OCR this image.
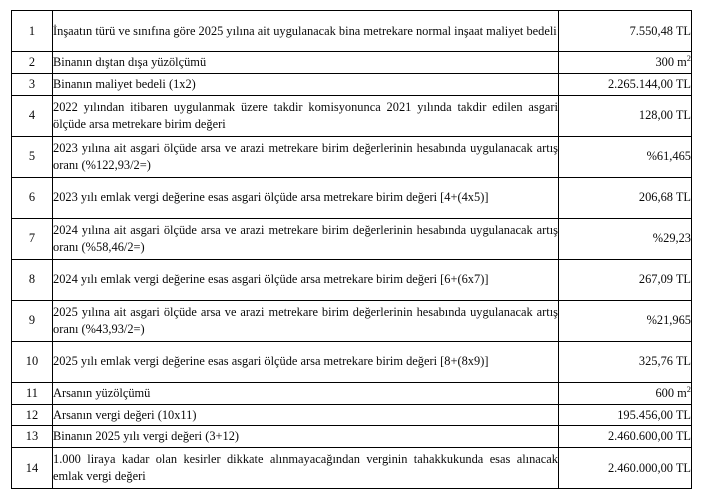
1	İnşaatın türü ve sınıfına göre 2025 yılına ait uygulanacak bina metrekare normal inşaat maliyet bedeli	7.550,48 TL
2	Binanın dıştan dışa yüzölçümü	300 $m^2$
3	Binanın maliyet bedeli (1x2)	2.265.144,00 TL
4	2022 yılından itibaren uygulanmak üzere takdir komisyonunca 2021 yılında takdir edilen asgari ölçüde arsa metrekare birim değeri	128,00 TL
5	2023 yılına ait asgari ölçüde arsa ve arazi metrekare birim değerlerinin hesabında uygulanacak artış oranı (%122,93/2=)	%61,465
6	2023 yılı emlak vergi değerine esas asgari ölçüde arsa metrekare birim değeri [4+(4x5)]	206,68 TL
7	2024 yılına ait asgari ölçüde arsa ve arazi metrekare birim değerlerinin hesabında uygulanacak artış oranı (%58,46/2=)	%29,23
8	2024 yılı emlak vergi değerine esas asgari ölçüde arsa metrekare birim değeri [6+(6x7)]	267,09 TL
9	2025 yılına ait asgari ölçüde arsa ve arazi metrekare birim değerlerinin hesabında uygulanacak artış oranı (%43,93/2=)	%21,965
10	2025 yılı emlak vergi değerine esas asgari ölçüde arsa metrekare birim değeri [8+(8x9)]	325,76 TL
11	Arsanın yüzölçümü	600 $m^2$
12	Arsanın vergi değeri (10x11)	195.456,00 TL
13	Binanın 2025 yılı vergi değeri (3+12)	2.460.600,00 TL
14	1.000 liraya kadar olan kesirler dikkate alınmayacağından verginin tahakkukunda esas alınacak emlak vergi değeri	2.460.000,00 TL
